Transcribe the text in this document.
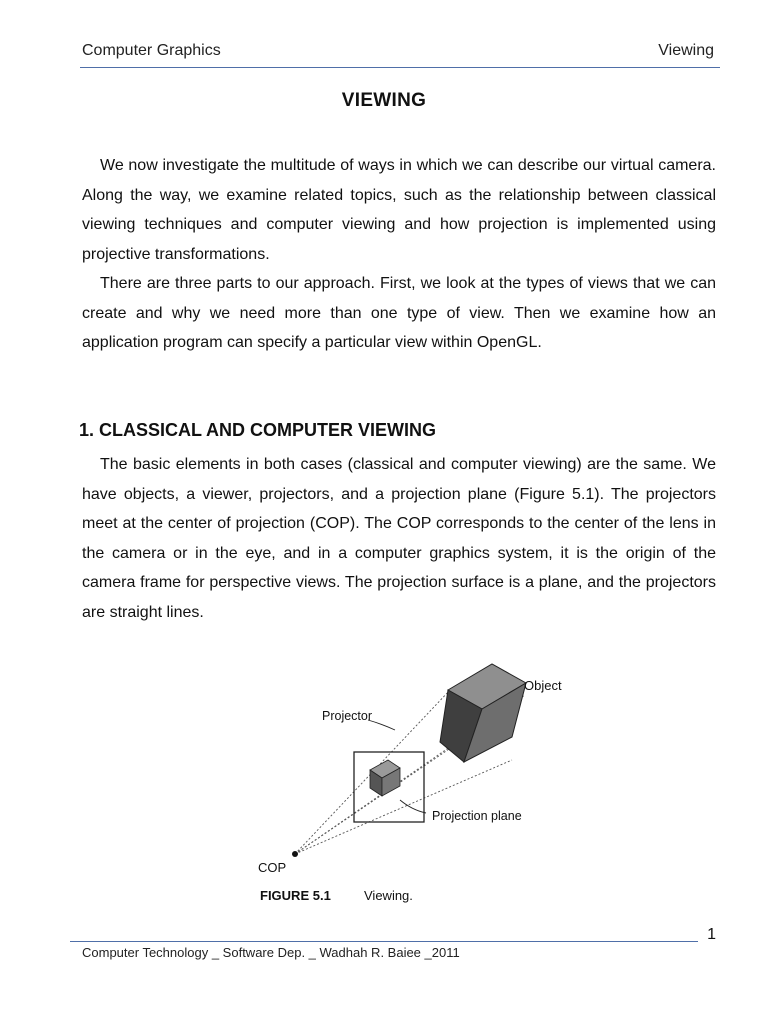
Computer Graphics	Viewing
VIEWING

We now investigate the multitude of ways in which we can describe our virtual camera. Along the way, we examine related topics, such as the relationship between classical viewing techniques and computer viewing and how projection is implemented using projective transformations.

There are three parts to our approach. First, we look at the types of views that we can create and why we need more than one type of view. Then we examine how an application program can specify a particular view within OpenGL.

1. CLASSICAL AND COMPUTER VIEWING

The basic elements in both cases (classical and computer viewing) are the same. We have objects, a viewer, projectors, and a projection plane (Figure 5.1). The projectors meet at the center of projection (COP). The COP corresponds to the center of the lens in the camera or in the eye, and in a computer graphics system, it is the origin of the camera frame for perspective views. The projection surface is a plane, and the projectors are straight lines.

Projector
Object
Projection plane
COP
FIGURE 5.1	Viewing.
1
Computer Technology _ Software Dep. _ Wadhah R. Baiee _2011
